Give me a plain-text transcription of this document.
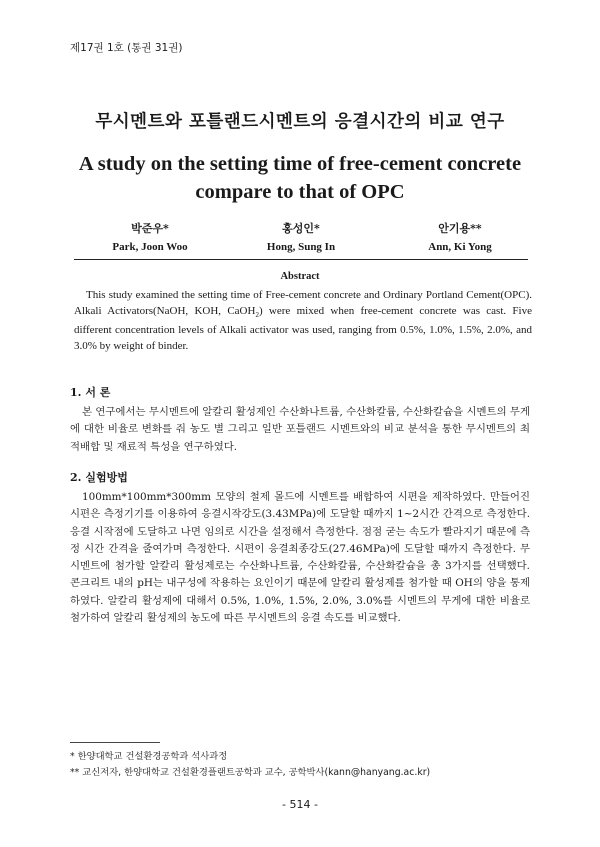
제17권 1호 (통권 31권)
무시멘트와 포틀랜드시멘트의 응결시간의 비교 연구
A study on the setting time of free-cement concrete
compare to that of OPC
박준우*
Park, Joon Woo
홍성인*
Hong, Sung In
안기용**
Ann, Ki Yong
Abstract
This study examined the setting time of Free-cement concrete and Ordinary Portland Cement(OPC). Alkali Activators(NaOH, KOH, CaOH$_2$) were mixed when free-cement concrete was cast. Five different concentration levels of Alkali activator was used, ranging from 0.5%, 1.0%, 1.5%, 2.0%, and 3.0% by weight of binder.
1. 서 론
본 연구에서는 무시멘트에 알칼리 활성제인 수산화나트륨, 수산화칼륨, 수산화칼슘을 시멘트의 무게에 대한 비율로 변화를 줘 농도 별 그리고 일반 포틀랜드 시멘트와의 비교 분석을 통한 무시멘트의 최적배합 및 재료적 특성을 연구하였다.
2. 실험방법
100mm*100mm*300mm 모양의 철제 몰드에 시멘트를 배합하여 시편을 제작하였다. 만들어진 시편은 측정기기를 이용하여 응결시작강도(3.43MPa)에 도달할 때까지 1~2시간 간격으로 측정한다. 응결 시작점에 도달하고 나면 임의로 시간을 설정해서 측정한다. 점점 굳는 속도가 빨라지기 때문에 측정 시간 간격을 줄여가며 측정한다. 시편이 응결최종강도(27.46MPa)에 도달할 때까지 측정한다. 무시멘트에 첨가할 알칼리 활성제로는 수산화나트륨, 수산화칼륨, 수산화칼슘을 총 3가지를 선택했다. 콘크리트 내의 pH는 내구성에 작용하는 요인이기 때문에 알칼리 활성제를 첨가할 때 OH의 양을 통제하였다. 알칼리 활성제에 대해서 0.5%, 1.0%, 1.5%, 2.0%, 3.0%를 시멘트의 무게에 대한 비율로 첨가하여 알칼리 활성제의 농도에 따른 무시멘트의 응결 속도를 비교했다.
* 한양대학교 건설환경공학과 석사과정
** 교신저자, 한양대학교 건설환경플랜트공학과 교수, 공학박사(kann@hanyang.ac.kr)
- 514 -
